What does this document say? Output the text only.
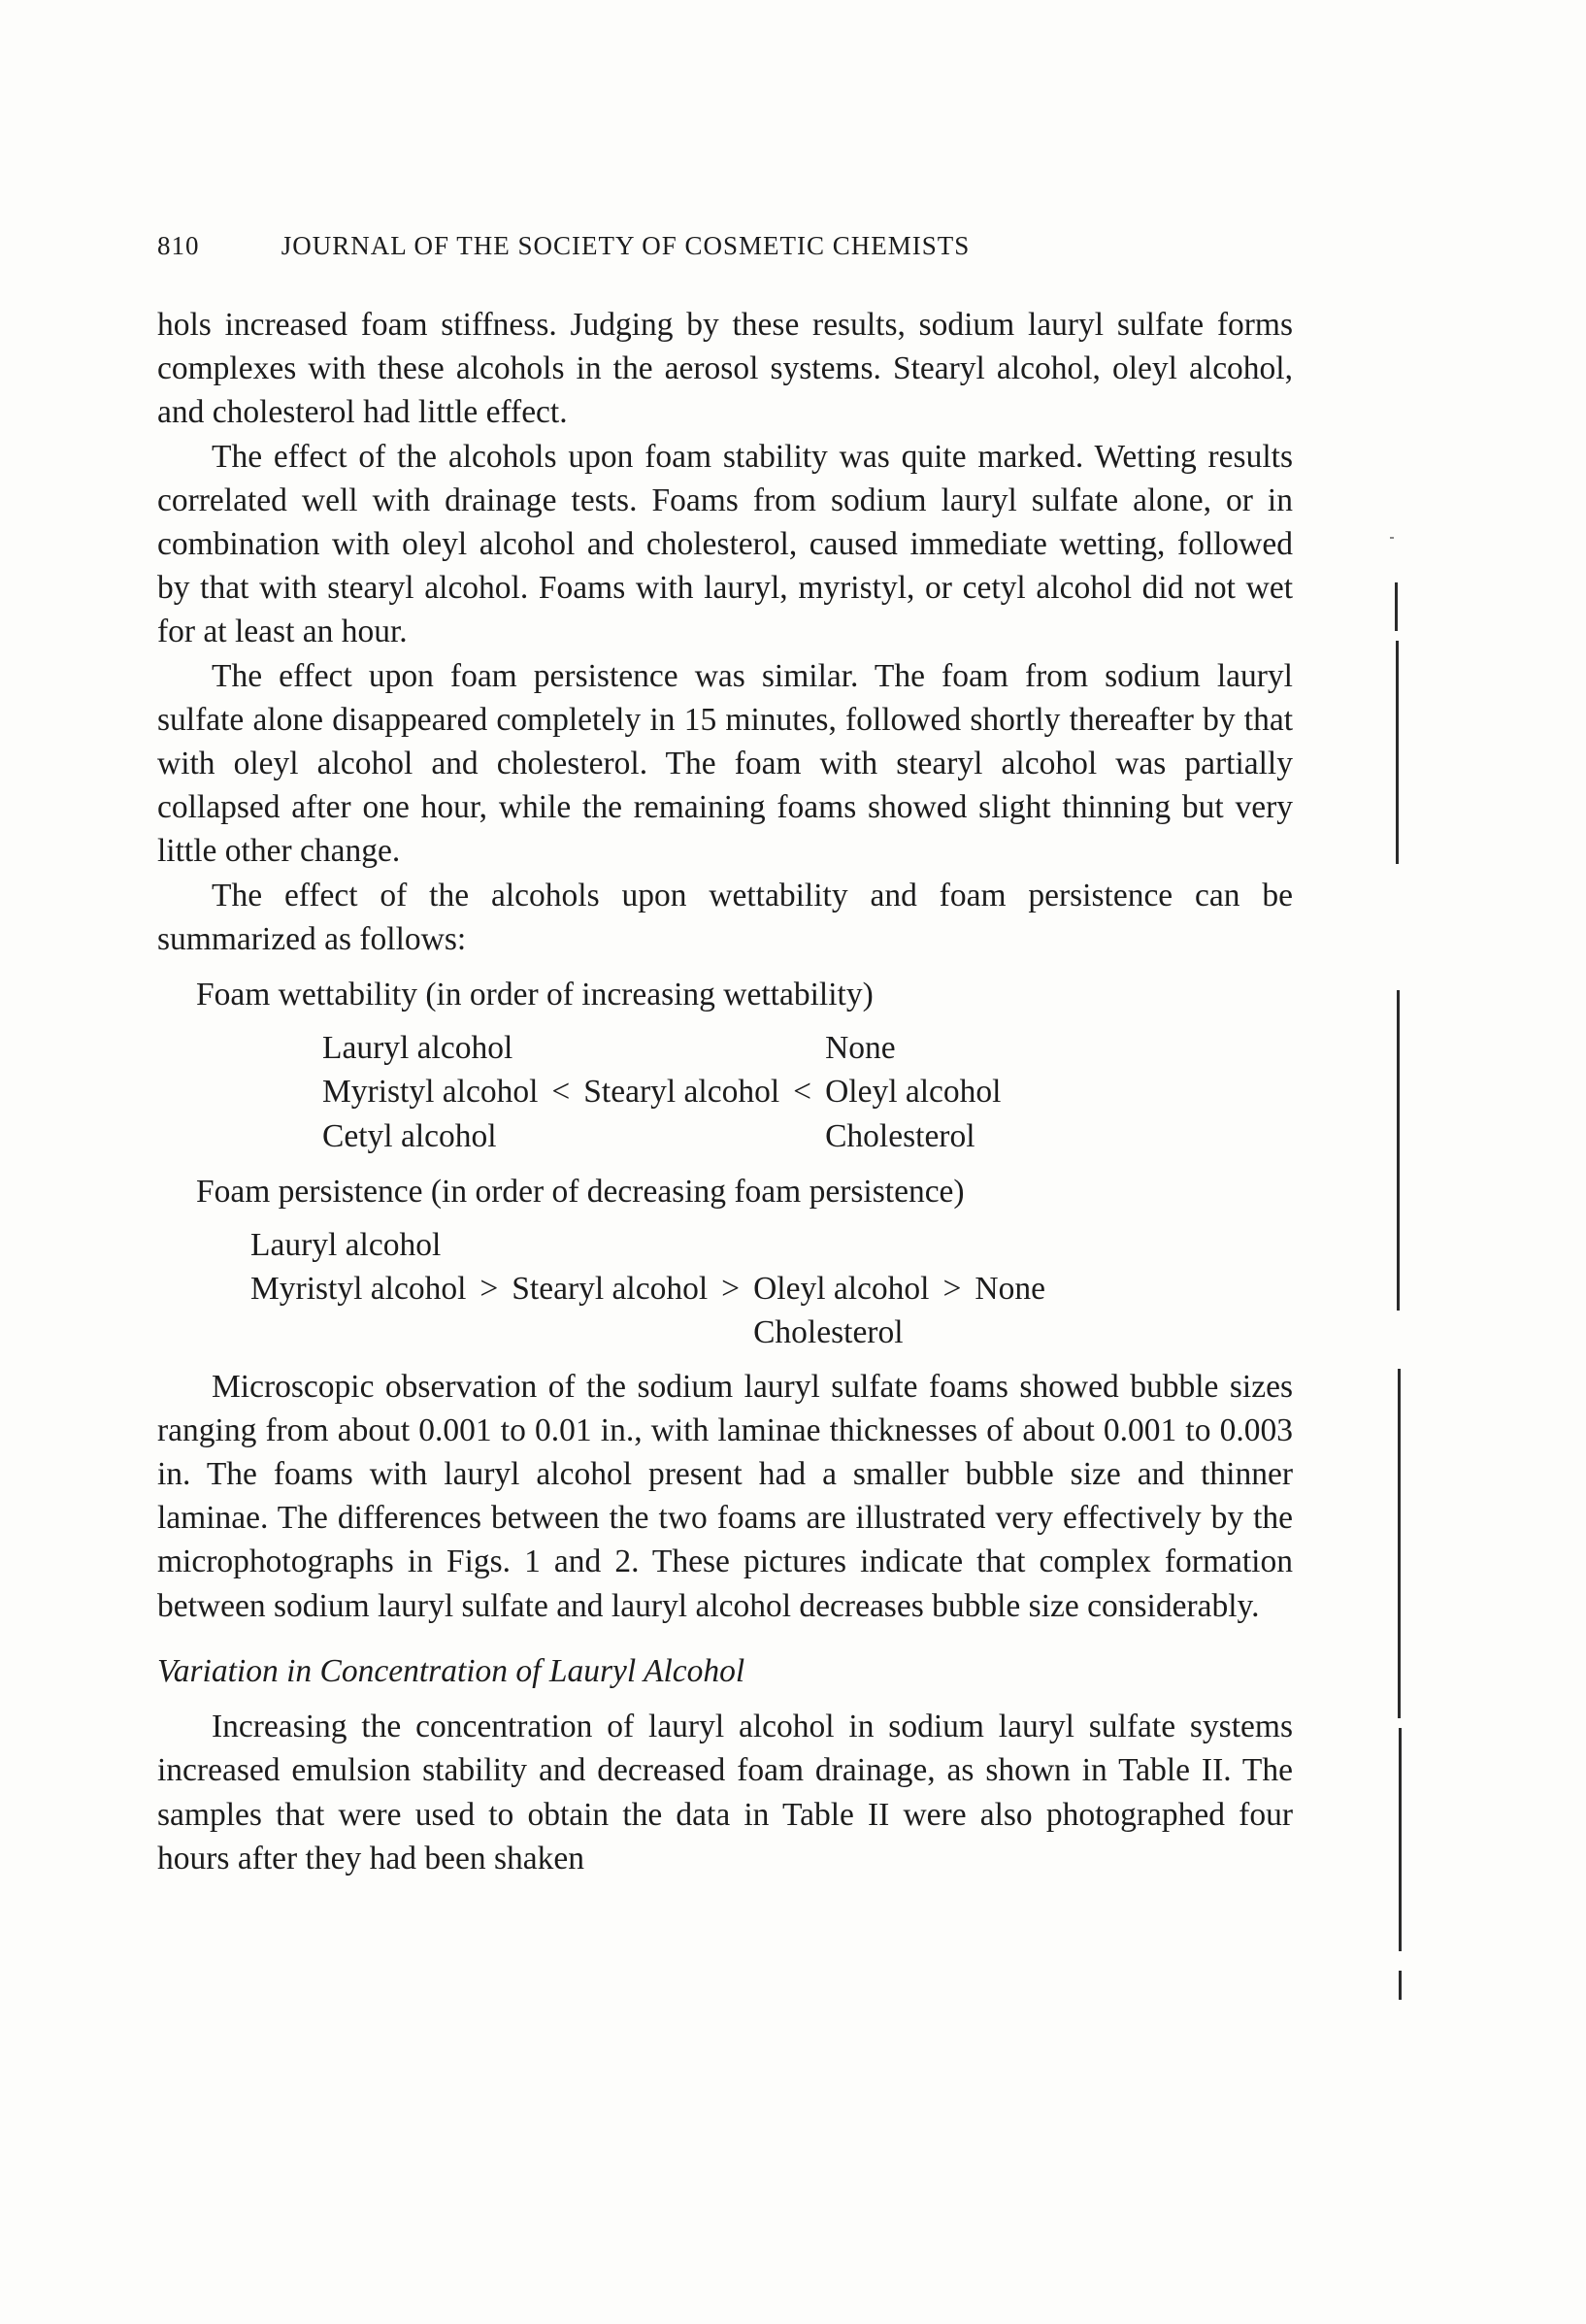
810	JOURNAL OF THE SOCIETY OF COSMETIC CHEMISTS

hols increased foam stiffness. Judging by these results, sodium lauryl sulfate forms complexes with these alcohols in the aerosol systems. Stearyl alcohol, oleyl alcohol, and cholesterol had little effect.

The effect of the alcohols upon foam stability was quite marked. Wetting results correlated well with drainage tests. Foams from sodium lauryl sulfate alone, or in combination with oleyl alcohol and cholesterol, caused immediate wetting, followed by that with stearyl alcohol. Foams with lauryl, myristyl, or cetyl alcohol did not wet for at least an hour.

The effect upon foam persistence was similar. The foam from sodium lauryl sulfate alone disappeared completely in 15 minutes, followed shortly thereafter by that with oleyl alcohol and cholesterol. The foam with stearyl alcohol was partially collapsed after one hour, while the remaining foams showed slight thinning but very little other change.

The effect of the alcohols upon wettability and foam persistence can be summarized as follows:

Foam wettability (in order of increasing wettability)

Lauryl alcohol				None
Myristyl alcohol	<	Stearyl alcohol	<	Oleyl alcohol
Cetyl alcohol				Cholesterol

Foam persistence (in order of decreasing foam persistence)

Lauryl alcohol						
Myristyl alcohol	>	Stearyl alcohol	>	Oleyl alcohol	>	None
				Cholesterol		

Microscopic observation of the sodium lauryl sulfate foams showed bubble sizes ranging from about 0.001 to 0.01 in., with laminae thicknesses of about 0.001 to 0.003 in. The foams with lauryl alcohol present had a smaller bubble size and thinner laminae. The differences between the two foams are illustrated very effectively by the microphotographs in Figs. 1 and 2. These pictures indicate that complex formation between sodium lauryl sulfate and lauryl alcohol decreases bubble size considerably.

Variation in Concentration of Lauryl Alcohol

Increasing the concentration of lauryl alcohol in sodium lauryl sulfate systems increased emulsion stability and decreased foam drainage, as shown in Table II. The samples that were used to obtain the data in Table II were also photographed four hours after they had been shaken
